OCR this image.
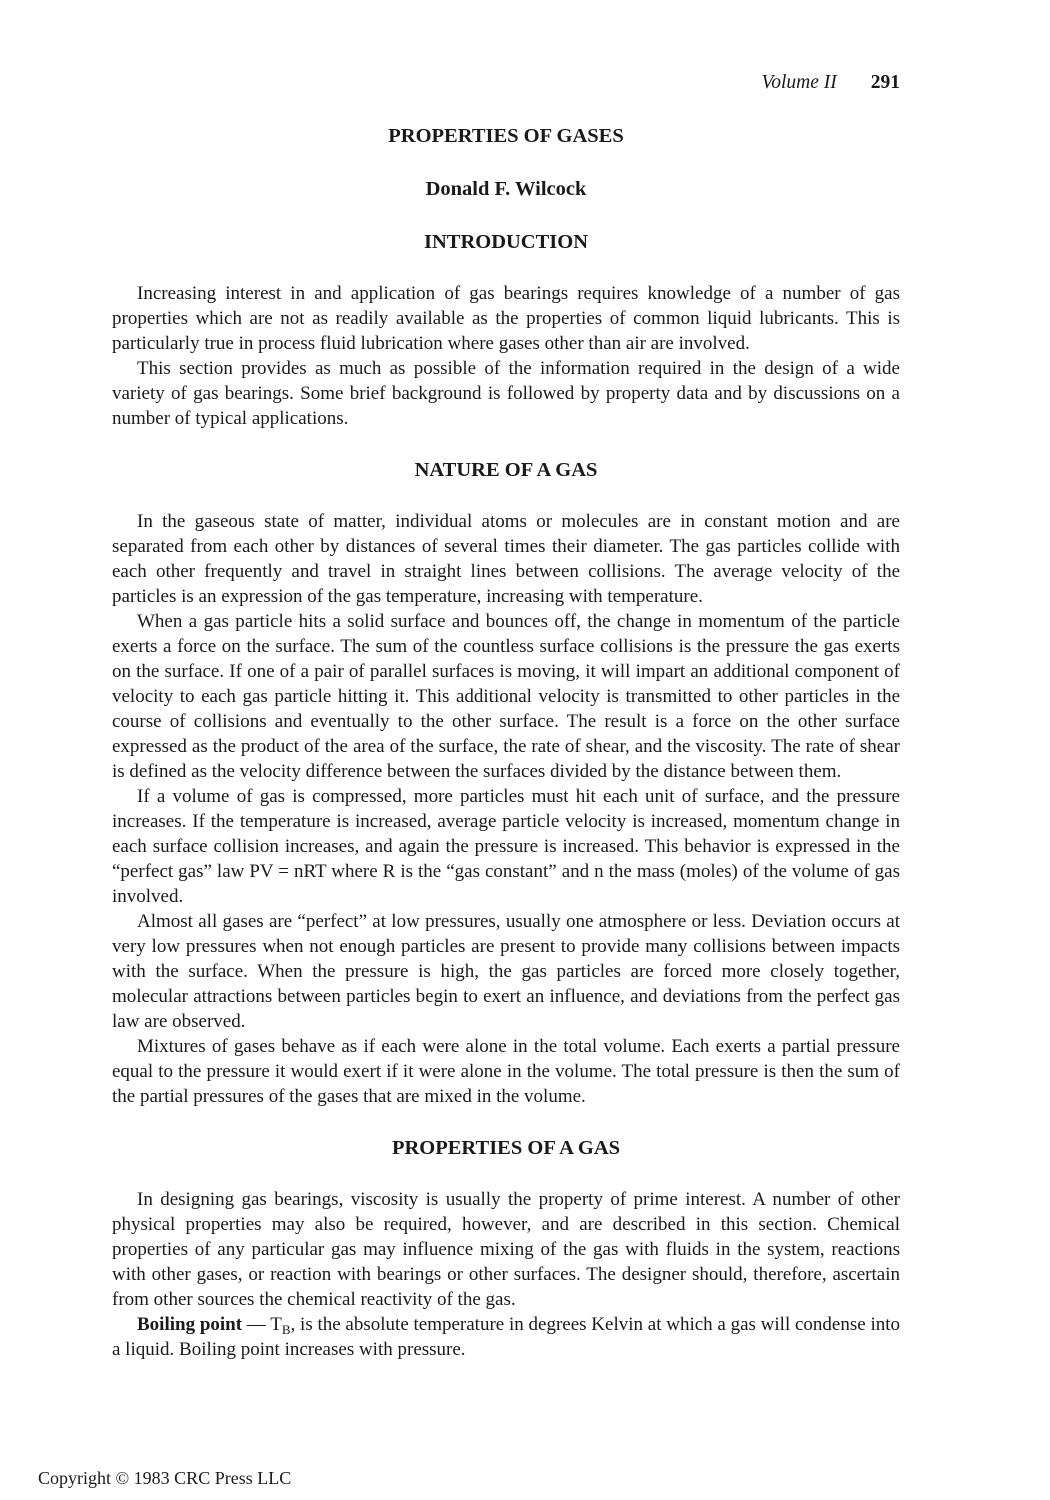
Volume II 291
PROPERTIES OF GASES
Donald F. Wilcock
INTRODUCTION

Increasing interest in and application of gas bearings requires knowledge of a number of gas properties which are not as readily available as the properties of common liquid lubricants. This is particularly true in process fluid lubrication where gases other than air are involved.

This section provides as much as possible of the information required in the design of a wide variety of gas bearings. Some brief background is followed by property data and by discussions on a number of typical applications.

NATURE OF A GAS

In the gaseous state of matter, individual atoms or molecules are in constant motion and are separated from each other by distances of several times their diameter. The gas particles collide with each other frequently and travel in straight lines between collisions. The average velocity of the particles is an expression of the gas temperature, increasing with temperature.

When a gas particle hits a solid surface and bounces off, the change in momentum of the particle exerts a force on the surface. The sum of the countless surface collisions is the pressure the gas exerts on the surface. If one of a pair of parallel surfaces is moving, it will impart an additional component of velocity to each gas particle hitting it. This additional velocity is transmitted to other particles in the course of collisions and eventually to the other surface. The result is a force on the other surface expressed as the product of the area of the surface, the rate of shear, and the viscosity. The rate of shear is defined as the velocity difference between the surfaces divided by the distance between them.

If a volume of gas is compressed, more particles must hit each unit of surface, and the pressure increases. If the temperature is increased, average particle velocity is increased, momentum change in each surface collision increases, and again the pressure is increased. This behavior is expressed in the “perfect gas” law PV = nRT where R is the “gas constant” and n the mass (moles) of the volume of gas involved.

Almost all gases are “perfect” at low pressures, usually one atmosphere or less. Deviation occurs at very low pressures when not enough particles are present to provide many collisions between impacts with the surface. When the pressure is high, the gas particles are forced more closely together, molecular attractions between particles begin to exert an influence, and deviations from the perfect gas law are observed.

Mixtures of gases behave as if each were alone in the total volume. Each exerts a partial pressure equal to the pressure it would exert if it were alone in the volume. The total pressure is then the sum of the partial pressures of the gases that are mixed in the volume.

PROPERTIES OF A GAS

In designing gas bearings, viscosity is usually the property of prime interest. A number of other physical properties may also be required, however, and are described in this section. Chemical properties of any particular gas may influence mixing of the gas with fluids in the system, reactions with other gases, or reaction with bearings or other surfaces. The designer should, therefore, ascertain from other sources the chemical reactivity of the gas.

Boiling point — $T_B$, is the absolute temperature in degrees Kelvin at which a gas will condense into a liquid. Boiling point increases with pressure.

Copyright © 1983 CRC Press LLC
